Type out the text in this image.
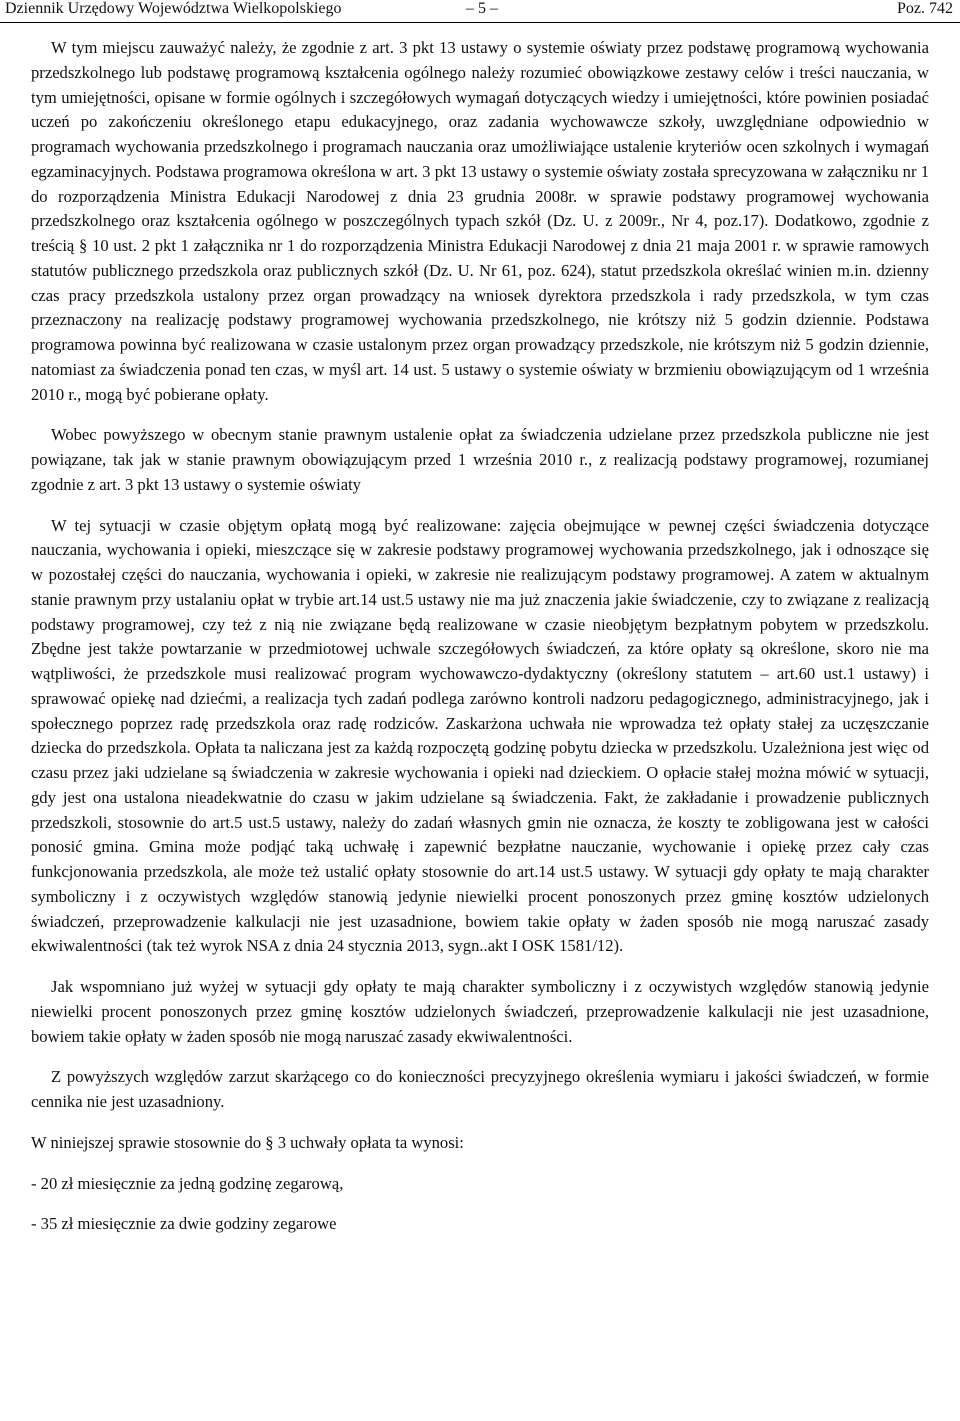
Dziennik Urzędowy Województwa Wielkopolskiego	– 5 –	Poz. 742

W tym miejscu zauważyć należy, że zgodnie z art. 3 pkt 13 ustawy o systemie oświaty przez podstawę programową wychowania przedszkolnego lub podstawę programową kształcenia ogólnego należy rozumieć obowiązkowe zestawy celów i treści nauczania, w tym umiejętności, opisane w formie ogólnych i szczegółowych wymagań dotyczących wiedzy i umiejętności, które powinien posiadać uczeń po zakończeniu określonego etapu edukacyjnego, oraz zadania wychowawcze szkoły, uwzględniane odpowiednio w programach wychowania przedszkolnego i programach nauczania oraz umożliwiające ustalenie kryteriów ocen szkolnych i wymagań egzaminacyjnych. Podstawa programowa określona w art. 3 pkt 13 ustawy o systemie oświaty została sprecyzowana w załączniku nr 1 do rozporządzenia Ministra Edukacji Narodowej z dnia 23 grudnia 2008r. w sprawie podstawy programowej wychowania przedszkolnego oraz kształcenia ogólnego w poszczególnych typach szkół (Dz. U. z 2009r., Nr 4, poz.17). Dodatkowo, zgodnie z treścią § 10 ust. 2 pkt 1 załącznika nr 1 do rozporządzenia Ministra Edukacji Narodowej z dnia 21 maja 2001 r. w sprawie ramowych statutów publicznego przedszkola oraz publicznych szkół (Dz. U. Nr 61, poz. 624), statut przedszkola określać winien m.in. dzienny czas pracy przedszkola ustalony przez organ prowadzący na wniosek dyrektora przedszkola i rady przedszkola, w tym czas przeznaczony na realizację podstawy programowej wychowania przedszkolnego, nie krótszy niż 5 godzin dziennie. Podstawa programowa powinna być realizowana w czasie ustalonym przez organ prowadzący przedszkole, nie krótszym niż 5 godzin dziennie, natomiast za świadczenia ponad ten czas, w myśl art. 14 ust. 5 ustawy o systemie oświaty w brzmieniu obowiązującym od 1 września 2010 r., mogą być pobierane opłaty.

Wobec powyższego w obecnym stanie prawnym ustalenie opłat za świadczenia udzielane przez przedszkola publiczne nie jest powiązane, tak jak w stanie prawnym obowiązującym przed 1 września 2010 r., z realizacją podstawy programowej, rozumianej zgodnie z art. 3 pkt 13 ustawy o systemie oświaty

W tej sytuacji w czasie objętym opłatą mogą być realizowane: zajęcia obejmujące w pewnej części świadczenia dotyczące nauczania, wychowania i opieki, mieszczące się w zakresie podstawy programowej wychowania przedszkolnego, jak i odnoszące się w pozostałej części do nauczania, wychowania i opieki, w zakresie nie realizującym podstawy programowej. A zatem w aktualnym stanie prawnym przy ustalaniu opłat w trybie art.14 ust.5 ustawy nie ma już znaczenia jakie świadczenie, czy to związane z realizacją podstawy programowej, czy też z nią nie związane będą realizowane w czasie nieobjętym bezpłatnym pobytem w przedszkolu. Zbędne jest także powtarzanie w przedmiotowej uchwale szczegółowych świadczeń, za które opłaty są określone, skoro nie ma wątpliwości, że przedszkole musi realizować program wychowawczo-dydaktyczny (określony statutem – art.60 ust.1 ustawy) i sprawować opiekę nad dziećmi, a realizacja tych zadań podlega zarówno kontroli nadzoru pedagogicznego, administracyjnego, jak i społecznego poprzez radę przedszkola oraz radę rodziców. Zaskarżona uchwała nie wprowadza też opłaty stałej za uczęszczanie dziecka do przedszkola. Opłata ta naliczana jest za każdą rozpoczętą godzinę pobytu dziecka w przedszkolu. Uzależniona jest więc od czasu przez jaki udzielane są świadczenia w zakresie wychowania i opieki nad dzieckiem. O opłacie stałej można mówić w sytuacji, gdy jest ona ustalona nieadekwatnie do czasu w jakim udzielane są świadczenia. Fakt, że zakładanie i prowadzenie publicznych przedszkoli, stosownie do art.5 ust.5 ustawy, należy do zadań własnych gmin nie oznacza, że koszty te zobligowana jest w całości ponosić gmina. Gmina może podjąć taką uchwałę i zapewnić bezpłatne nauczanie, wychowanie i opiekę przez cały czas funkcjonowania przedszkola, ale może też ustalić opłaty stosownie do art.14 ust.5 ustawy. W sytuacji gdy opłaty te mają charakter symboliczny i z oczywistych względów stanowią jedynie niewielki procent ponoszonych przez gminę kosztów udzielonych świadczeń, przeprowadzenie kalkulacji nie jest uzasadnione, bowiem takie opłaty w żaden sposób nie mogą naruszać zasady ekwiwalentności (tak też wyrok NSA z dnia 24 stycznia 2013, sygn..akt I OSK 1581/12).

Jak wspomniano już wyżej w sytuacji gdy opłaty te mają charakter symboliczny i z oczywistych względów stanowią jedynie niewielki procent ponoszonych przez gminę kosztów udzielonych świadczeń, przeprowadzenie kalkulacji nie jest uzasadnione, bowiem takie opłaty w żaden sposób nie mogą naruszać zasady ekwiwalentności.

Z powyższych względów zarzut skarżącego co do konieczności precyzyjnego określenia wymiaru i jakości świadczeń, w formie cennika nie jest uzasadniony.

W niniejszej sprawie stosownie do § 3 uchwały opłata ta wynosi:

- 20 zł miesięcznie za jedną godzinę zegarową,

- 35 zł miesięcznie za dwie godziny zegarowe
